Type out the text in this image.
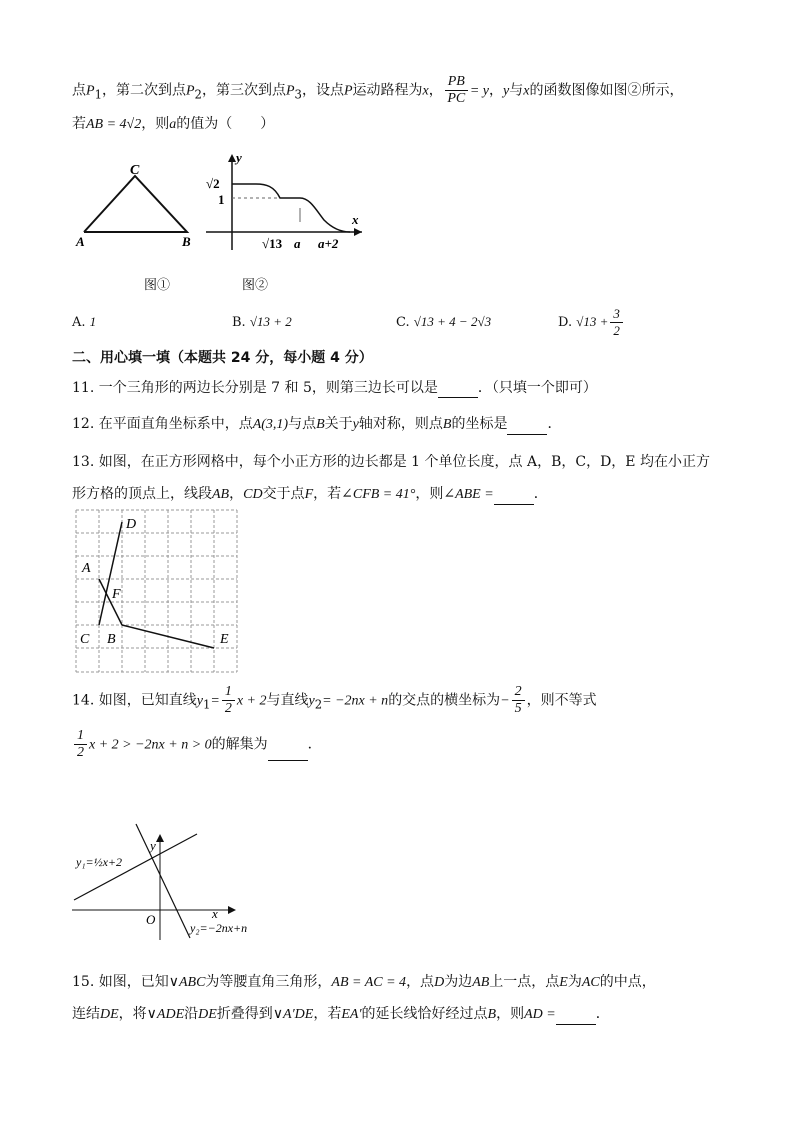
点$P_1$，第二次到点$P_2$，第三次到点$P_3$，设点P运动路程为x， $\frac{PB}{PC} = y$，y与x的函数图像如图②所示，
若AB = 4√2，则a的值为（　　）
C
A	B
y
x
√2
1
√13 a a+2
图①	图②
A. 1	B. √13 + 2	C. √13 + 4 − 2√3	D. $√13 + \frac{3}{2}$
二、用心填一填（本题共 24 分，每小题 4 分）
11. 一个三角形的两边长分别是 7 和 5，则第三边长可以是	．（只填一个即可）
12. 在平面直角坐标系中，点A(3,1)与点B关于y轴对称，则点B的坐标是	．
13. 如图，在正方形网格中，每个小正方形的边长都是 1 个单位长度，点 A，B，C，D，E 均在小正方
形方格的顶点上，线段AB，CD交于点F，若∠CFB = 41°，则∠ABE =	．
D
A
F
C B	E
14. 如图，已知直线$y_1= \frac{1}{2}$ x + 2与直线$y_2= -2nx + n$的交点的横坐标为− $\frac{2}{5}$ ，则不等式
$\frac{1}{2}$ x + 2 > −2nx + n > 0的解集为	．
y
x
O
y₁=½x+2
y₂=−2nx+n
15. 如图，已知∨ABC为等腰直角三角形，AB = AC = 4，点D为边AB上一点，点E为AC的中点，
连结DE，将∨ADE沿DE折叠得到∨A′DE，若EA′的延长线恰好经过点B，则AD =	．
